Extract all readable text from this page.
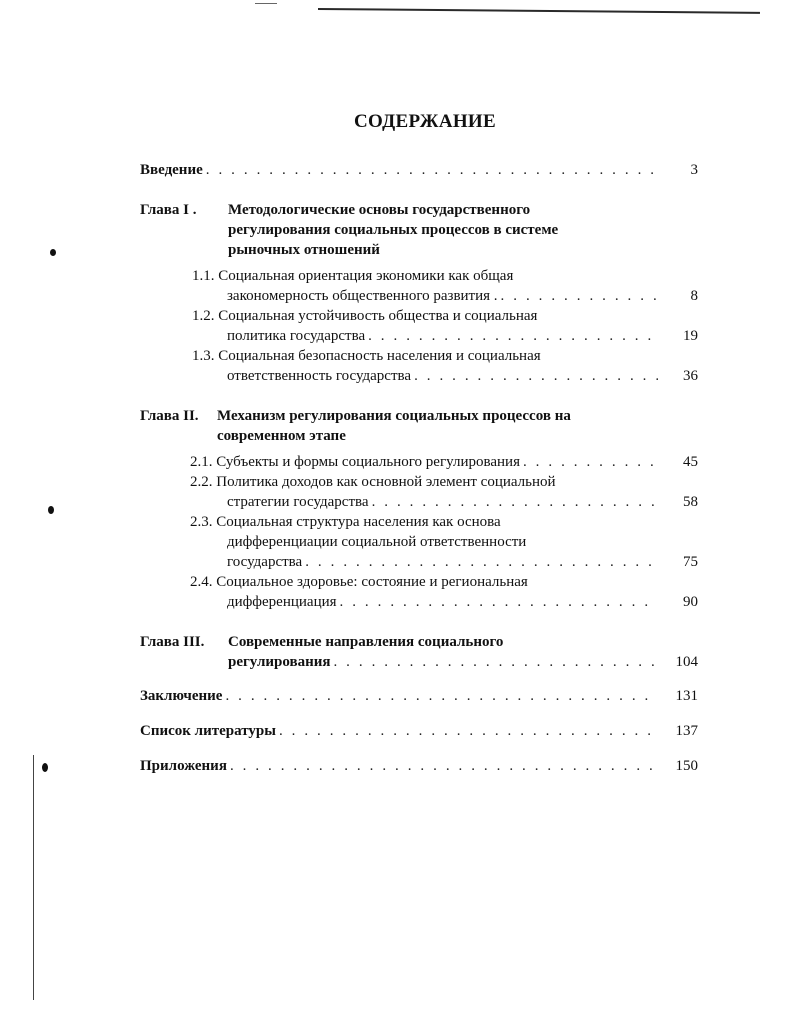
СОДЕРЖАНИЕ
Введение . . .	3
Глава I .	Методологические основы государственного
регулирования социальных процессов в системе
рыночных отношений
1.1. Социальная ориентация экономики как общая
закономерность общественного развития . . . .	8
1.2. Социальная устойчивость общества и социальная
политика государства . . .	19
1.3. Социальная безопасность населения и социальная
ответственность государства . . .	36
Глава II.	Механизм регулирования социальных процессов на
современном этапе
2.1. Субъекты и формы социального регулирования . . .	45
2.2. Политика доходов как основной элемент социальной
стратегии государства . . .	58
2.3. Социальная структура населения как основа
дифференциации социальной ответственности
государства . . .	75
2.4. Социальное здоровье: состояние и региональная
дифференциация . . .	90
Глава III.	Современные направления социального
регулирования . . .	104
Заключение . . .	131
Список литературы . . .	137
Приложения . . .	150
